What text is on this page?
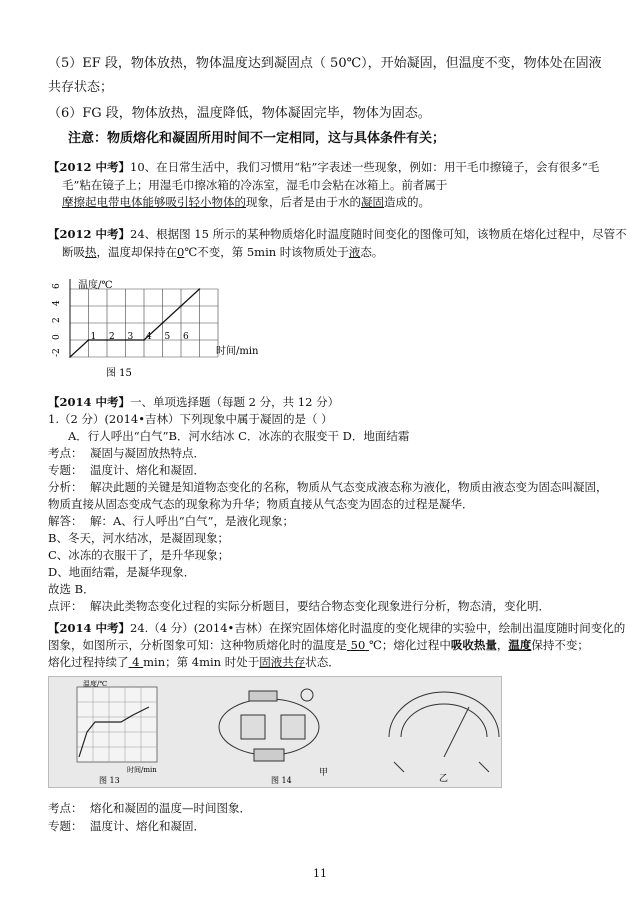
（5）EF 段，物体放热，物体温度达到凝固点（ 50℃），开始凝固，但温度不变，物体处在固液
共存状态；
（6）FG 段，物体放热，温度降低，物体凝固完毕，物体为固态。
注意：物质熔化和凝固所用时间不一定相同，这与具体条件有关；
【2012 中考】10、在日常生活中，我们习惯用“粘”字表述一些现象，例如：用干毛巾擦镜子，会有很多“毛
毛”粘在镜子上；用湿毛巾擦冰箱的冷冻室，湿毛巾会粘在冰箱上。前者属于
摩擦起电带电体能够吸引轻小物体的现象，后者是由于水的凝固造成的。
【2012 中考】24、根据图 15 所示的某种物质熔化时温度随时间变化的图像可知，该物质在熔化过程中，尽管不
断吸热，温度却保持在0℃不变，第 5min 时该物质处于液态。
-2
0
2
4
6
1 2 3 4 5 6
温度/℃
时间/min
图 15
【2014 中考】一、单项选择题（每题 2 分，共 12 分）
1.（2 分）(2014•吉林）下列现象中属于凝固的是（ ）
A．行人呼出“白气”B．河水结冰 C．冰冻的衣服变干 D．地面结霜
考点： 凝固与凝固放热特点．
专题： 温度计、熔化和凝固．
分析： 解决此题的关键是知道物态变化的名称，物质从气态变成液态称为液化，物质由液态变为固态叫凝固，
物质直接从固态变成气态的现象称为升华；物质直接从气态变为固态的过程是凝华．
解答： 解：A、行人呼出“白气”，是液化现象；
B、冬天，河水结冰，是凝固现象；
C、冰冻的衣服干了，是升华现象；
D、地面结霜，是凝华现象．
故选 B．
点评： 解决此类物态变化过程的实际分析题目，要结合物态变化现象进行分析，物态清，变化明．
【2014 中考】24.（4 分）(2014•吉林）在探究固体熔化时温度的变化规律的实验中，绘制出温度随时间变化的
图象，如图所示，分析图象可知：这种物质熔化时的温度是 50 ℃；熔化过程中吸收热量，温度保持不变；
熔化过程持续了 4 min；第 4min 时处于固液共存状态．
温度/℃
时间/min
图 13
甲
图 14	乙
考点： 熔化和凝固的温度—时间图象．
专题： 温度计、熔化和凝固．
11
